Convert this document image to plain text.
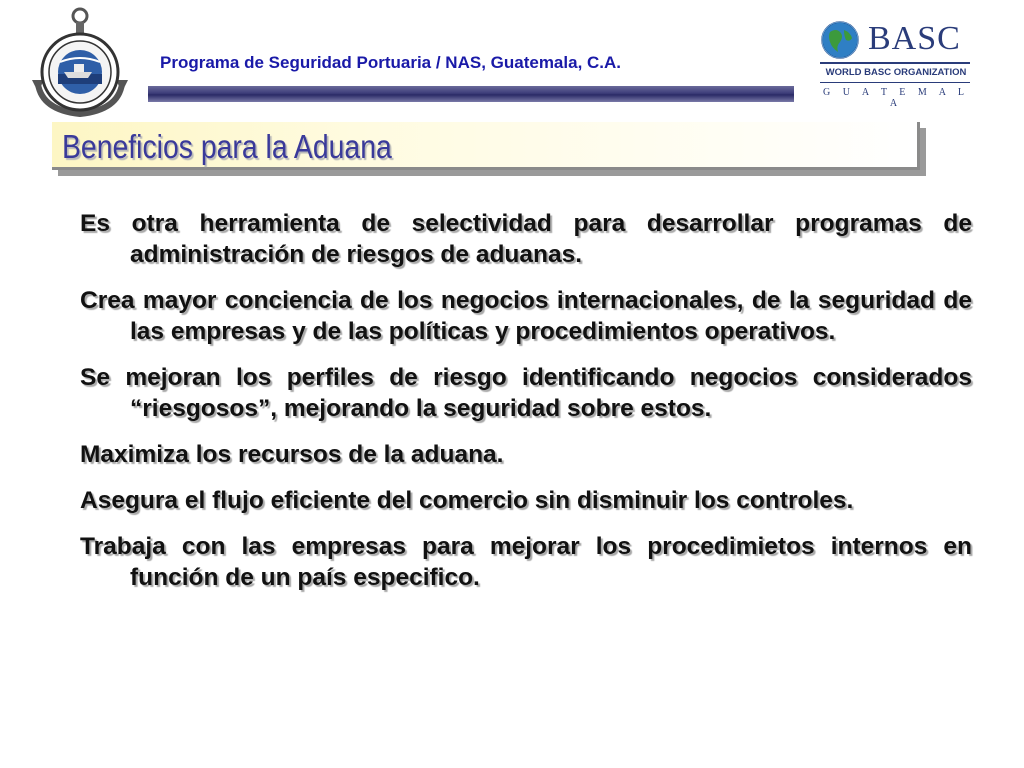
Programa de Seguridad Portuaria / NAS, Guatemala, C.A.
BASC
WORLD BASC ORGANIZATION
G U A T E M A L A
Beneficios para la Aduana
Es otra herramienta de selectividad para desarrollar programas de administración de riesgos de aduanas.
Crea mayor conciencia de los negocios internacionales, de la seguridad de las empresas y de las políticas y procedimientos operativos.
Se mejoran los perfiles de riesgo identificando negocios considerados “riesgosos”, mejorando la seguridad sobre estos.
Maximiza los recursos de la aduana.
Asegura el flujo eficiente del comercio sin disminuir los controles.
Trabaja con las empresas para mejorar los procedimietos internos en función de un país especifico.
